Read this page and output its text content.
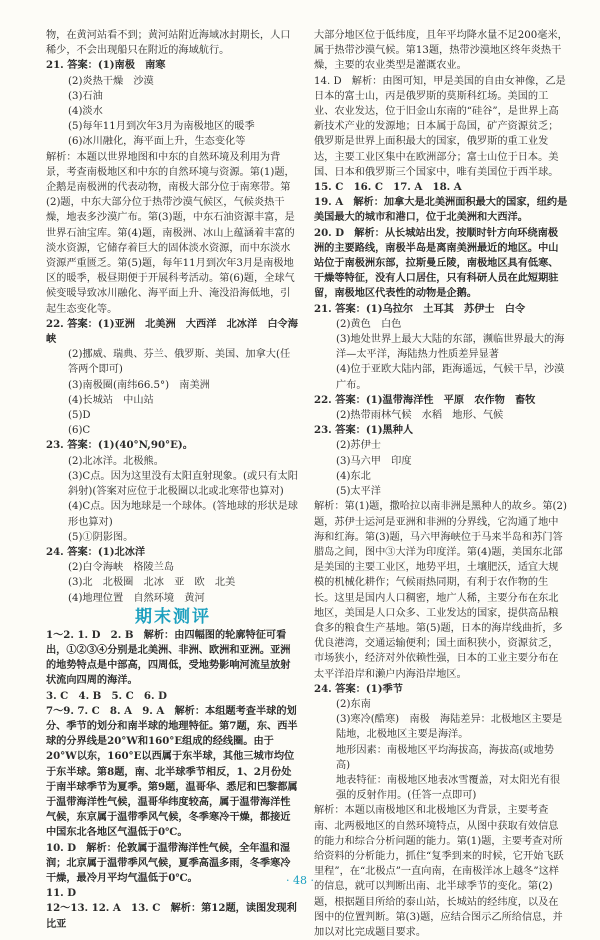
物，在黄河站看不到；黄河站附近海域冰封期长，人口稀少，不会出现船只在附近的海域航行。

21. 答案：(1)南极　南寒

(2)炎热干燥　沙漠

(3)石油

(4)淡水

(5)每年11月到次年3月为南极地区的暖季

(6)冰川融化，海平面上升，生态变化等

解析：本题以世界地图和中东的自然环境及利用为背景，考查南极地区和中东的自然环境与资源。第(1)题，企鹅是南极洲的代表动物，南极大部分位于南寒带。第(2)题，中东大部分位于热带沙漠气候区，气候炎热干燥，地表多沙漠广布。第(3)题，中东石油资源丰富，是世界石油宝库。第(4)题，南极洲、冰山上蕴涵着丰富的淡水资源，它储存着巨大的固体淡水资源，而中东淡水资源严重匮乏。第(5)题，每年11月到次年3月是南极地区的暖季，极昼期便于开展科考活动。第(6)题，全球气候变暖导致冰川融化、海平面上升、淹没沿海低地，引起生态变化等。

22. 答案：(1)亚洲　北美洲　大西洋　北冰洋　白令海峡

(2)挪威、瑞典、芬兰、俄罗斯、美国、加拿大(任答两个即可)

(3)南极圈(南纬66.5°)　南美洲

(4)长城站　中山站

(5)D

(6)C

23. 答案：(1)(40°N,90°E)。

(2)北冰洋。北极熊。

(3)C点。因为这里没有太阳直射现象。(或只有太阳斜射)(答案对应位于北极圈以北或北寒带也算对)

(4)C点。因为地球是一个球体。(答地球的形状是球形也算对)

(5)①阴影图。

24. 答案：(1)北冰洋

(2)白令海峡　格陵兰岛

(3)北　北极圈　北冰　亚　欧　北美

(4)地理位置　自然环境　黄河

期末测评

1～2. 1. D　2. B　解析：由四幅图的轮廓特征可看出，①②③④分别是北美洲、非洲、欧洲和亚洲。亚洲的地势特点是中部高，四周低，受地势影响河流呈放射状流向四周的海洋。

3. C　4. B　5. C　6. D

7～9. 7. C　8. A　9. A　解析：本组题考查半球的划分、季节的划分和南半球的地理特征。第7题，东、西半球的分界线是20°W和160°E组成的经线圈。由于20°W以东，160°E以西属于东半球，其他三城市均位于东半球。第8题，南、北半球季节相反，1、2月份处于南半球季节为夏季。第9题，温哥华、悉尼和巴黎都属于温带海洋性气候，温哥华纬度较高，属于温带海洋性气候，东京属于温带季风气候，冬季寒冷干燥，都接近中国东北各地区气温低于0℃。

10. D　解析：伦敦属于温带海洋性气候，全年温和湿润；北京属于温带季风气候，夏季高温多雨，冬季寒冷干燥，最冷月平均气温低于0℃。

11. D

12～13. 12. A　13. C　解析：第12题，读图发现利比亚

大部分地区位于低纬度，且年平均降水量不足200毫米，属于热带沙漠气候。第13题，热带沙漠地区终年炎热干燥，主要的农业类型是灌溉农业。

14. D　解析：由图可知，甲是美国的自由女神像，乙是日本的富士山，丙是俄罗斯的莫斯科红场。美国的工业、农业发达，位于旧金山东南的“硅谷”，是世界上高新技术产业的发源地；日本属于岛国，矿产资源贫乏；俄罗斯是世界上面积最大的国家，俄罗斯的重工业发达，主要工业区集中在欧洲部分；富士山位于日本。美国、日本和俄罗斯三个国家中，唯有美国位于西半球。

15. C　16. C　17. A　18. A

19. A　解析：加拿大是北美洲面积最大的国家，纽约是美国最大的城市和港口，位于北美洲和大西洋。

20. D　解析：从长城站出发，按顺时针方向环绕南极洲的主要路线，南极半岛是离南美洲最近的地区。中山站位于南极洲东部，拉斯曼丘陵，南极地区具有低寒、干燥等特征，没有人口居住，只有科研人员在此短期驻留，南极地区代表性的动物是企鹅。

21. 答案：(1)乌拉尔　土耳其　苏伊士　白令

(2)黄色　白色

(3)地处世界上最大大陆的东部，濒临世界最大的海洋—太平洋，海陆热力性质差异显著

(4)位于亚欧大陆内部，距海遥远，气候干旱，沙漠广布。

22. 答案：(1)温带海洋性　平原　农作物　畜牧

(2)热带雨林气候　水稻　地形、气候

23. 答案：(1)黑种人

(2)苏伊士

(3)马六甲　印度

(4)东北

(5)太平洋

解析：第(1)题，撒哈拉以南非洲是黑种人的故乡。第(2)题，苏伊士运河是亚洲和非洲的分界线，它沟通了地中海和红海。第(3)题，马六甲海峡位于马来半岛和苏门答腊岛之间，图中③大洋为印度洋。第(4)题，美国东北部是美国的主要工业区，地势平坦，土壤肥沃，适宜大规模的机械化耕作；气候雨热同期，有利于农作物的生长。这里是国内人口稠密，地广人稀，主要分布在东北地区，美国是人口众多、工业发达的国家，提供高品粮食多的粮食生产基地。第(5)题，日本的海岸线曲折，多优良港湾，交通运输便利；国土面积狭小，资源贫乏，市场狭小，经济对外依赖性强，日本的工业主要分布在太平洋沿岸和濑户内海沿岸地区。

24. 答案：(1)季节

(2)东南

(3)寒冷(酷寒)　南极　海陆差异：北极地区主要是陆地，北极地区主要是海洋。

地形因素：南极地区平均海拔高，海拔高(或地势高)

地表特征：南极地区地表冰雪覆盖，对太阳光有很强的反射作用。(任答一点即可)

解析：本题以南极地区和北极地区为背景，主要考查南、北两极地区的自然环境特点，从图中获取有效信息的能力和综合分析问题的能力。第(1)题，主要考查对所给资料的分析能力，抓住“复季到来的时候，它开始飞跃里程”，在“北极点”一直向南，在南极洋冰上越冬”这样的信息，就可以判断出南、北半球季节的变化。第(2)题，根据题目所给的泰山站，长城站的经纬度，以及在图中的位置判断。第(3)题，应结合图示乙所给信息，并加以对比完成题目要求。

· 48 ·
